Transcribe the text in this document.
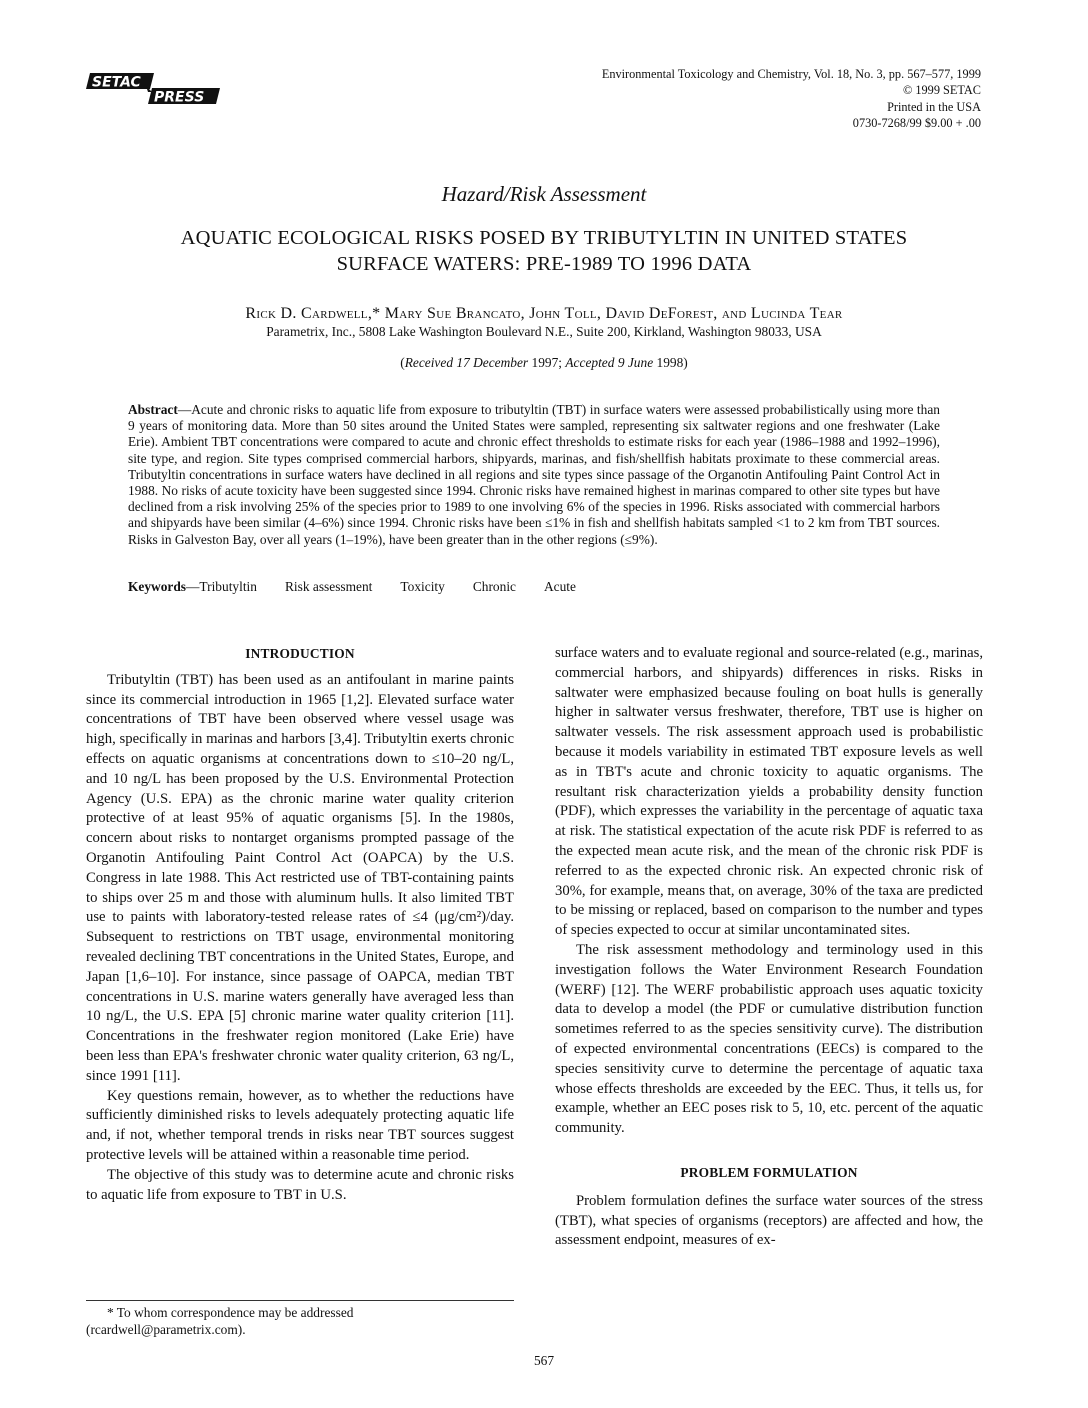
SETAC
PRESS
Environmental Toxicology and Chemistry, Vol. 18, No. 3, pp. 567–577, 1999
© 1999 SETAC
Printed in the USA
0730-7268/99 $9.00 + .00
Hazard/Risk Assessment
AQUATIC ECOLOGICAL RISKS POSED BY TRIBUTYLTIN IN UNITED STATES
SURFACE WATERS: PRE-1989 TO 1996 DATA
Rick D. Cardwell,* Mary Sue Brancato, John Toll, David DeForest, and Lucinda Tear
Parametrix, Inc., 5808 Lake Washington Boulevard N.E., Suite 200, Kirkland, Washington 98033, USA
(Received 17 December 1997; Accepted 9 June 1998)
Abstract—Acute and chronic risks to aquatic life from exposure to tributyltin (TBT) in surface waters were assessed probabilistically using more than 9 years of monitoring data. More than 50 sites around the United States were sampled, representing six saltwater regions and one freshwater (Lake Erie). Ambient TBT concentrations were compared to acute and chronic effect thresholds to estimate risks for each year (1986–1988 and 1992–1996), site type, and region. Site types comprised commercial harbors, shipyards, marinas, and fish/shellfish habitats proximate to these commercial areas. Tributyltin concentrations in surface waters have declined in all regions and site types since passage of the Organotin Antifouling Paint Control Act in 1988. No risks of acute toxicity have been suggested since 1994. Chronic risks have remained highest in marinas compared to other site types but have declined from a risk involving 25% of the species prior to 1989 to one involving 6% of the species in 1996. Risks associated with commercial harbors and shipyards have been similar (4–6%) since 1994. Chronic risks have been ≤1% in fish and shellfish habitats sampled <1 to 2 km from TBT sources. Risks in Galveston Bay, over all years (1–19%), have been greater than in the other regions (≤9%).
Keywords—Tributyltin Risk assessment Toxicity Chronic Acute
INTRODUCTION

Tributyltin (TBT) has been used as an antifoulant in marine paints since its commercial introduction in 1965 [1,2]. Elevated surface water concentrations of TBT have been observed where vessel usage was high, specifically in marinas and harbors [3,4]. Tributyltin exerts chronic effects on aquatic organisms at concentrations down to ≤10–20 ng/L, and 10 ng/L has been proposed by the U.S. Environmental Protection Agency (U.S. EPA) as the chronic marine water quality criterion protective of at least 95% of aquatic organisms [5]. In the 1980s, concern about risks to nontarget organisms prompted passage of the Organotin Antifouling Paint Control Act (OAPCA) by the U.S. Congress in late 1988. This Act restricted use of TBT-containing paints to ships over 25 m and those with aluminum hulls. It also limited TBT use to paints with laboratory-tested release rates of ≤4 (μg/cm²)/day. Subsequent to restrictions on TBT usage, environmental monitoring revealed declining TBT concentrations in the United States, Europe, and Japan [1,6–10]. For instance, since passage of OAPCA, median TBT concentrations in U.S. marine waters generally have averaged less than 10 ng/L, the U.S. EPA [5] chronic marine water quality criterion [11]. Concentrations in the freshwater region monitored (Lake Erie) have been less than EPA's freshwater chronic water quality criterion, 63 ng/L, since 1991 [11].

Key questions remain, however, as to whether the reductions have sufficiently diminished risks to levels adequately protecting aquatic life and, if not, whether temporal trends in risks near TBT sources suggest protective levels will be attained within a reasonable time period.

The objective of this study was to determine acute and chronic risks to aquatic life from exposure to TBT in U.S.

surface waters and to evaluate regional and source-related (e.g., marinas, commercial harbors, and shipyards) differences in risks. Risks in saltwater were emphasized because fouling on boat hulls is generally higher in saltwater versus freshwater, therefore, TBT use is higher on saltwater vessels. The risk assessment approach used is probabilistic because it models variability in estimated TBT exposure levels as well as in TBT's acute and chronic toxicity to aquatic organisms. The resultant risk characterization yields a probability density function (PDF), which expresses the variability in the percentage of aquatic taxa at risk. The statistical expectation of the acute risk PDF is referred to as the expected mean acute risk, and the mean of the chronic risk PDF is referred to as the expected chronic risk. An expected chronic risk of 30%, for example, means that, on average, 30% of the taxa are predicted to be missing or replaced, based on comparison to the number and types of species expected to occur at similar uncontaminated sites.

The risk assessment methodology and terminology used in this investigation follows the Water Environment Research Foundation (WERF) [12]. The WERF probabilistic approach uses aquatic toxicity data to develop a model (the PDF or cumulative distribution function sometimes referred to as the species sensitivity curve). The distribution of expected environmental concentrations (EECs) is compared to the species sensitivity curve to determine the percentage of aquatic taxa whose effects thresholds are exceeded by the EEC. Thus, it tells us, for example, whether an EEC poses risk to 5, 10, etc. percent of the aquatic community.

PROBLEM FORMULATION

Problem formulation defines the surface water sources of the stress (TBT), what species of organisms (receptors) are affected and how, the assessment endpoint, measures of ex-

* To whom correspondence may be addressed
(rcardwell@parametrix.com).
567
